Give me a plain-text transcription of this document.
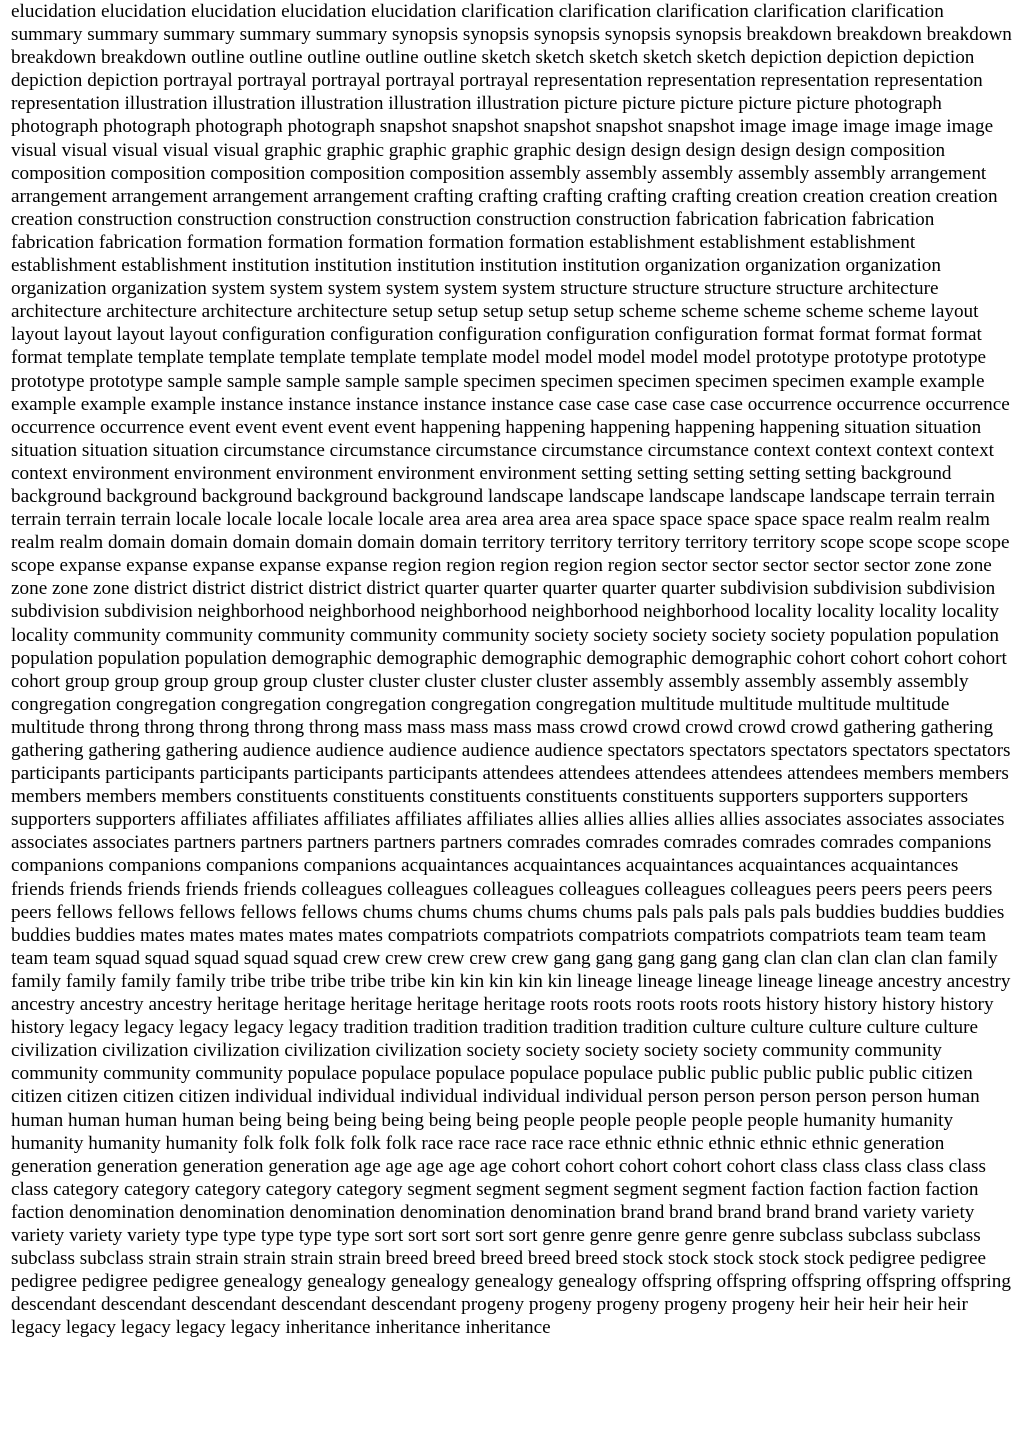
elucidation elucidation elucidation elucidation elucidation clarification clarification clarification clarification clarification summary summary summary summary summary synopsis synopsis synopsis synopsis synopsis breakdown breakdown breakdown breakdown breakdown outline outline outline outline outline sketch sketch sketch sketch sketch depiction depiction depiction depiction depiction portrayal portrayal portrayal portrayal portrayal representation representation representation representation representation illustration illustration illustration illustration illustration picture picture picture picture picture photograph photograph photograph photograph photograph snapshot snapshot snapshot snapshot snapshot image image image image image visual visual visual visual visual graphic graphic graphic graphic graphic design design design design design composition composition composition composition composition composition assembly assembly assembly assembly assembly arrangement arrangement arrangement arrangement arrangement crafting crafting crafting crafting crafting creation creation creation creation creation construction construction construction construction construction construction fabrication fabrication fabrication fabrication fabrication formation formation formation formation formation establishment establishment establishment establishment establishment institution institution institution institution institution organization organization organization organization organization system system system system system system structure structure structure structure architecture architecture architecture architecture architecture setup setup setup setup setup scheme scheme scheme scheme scheme layout layout layout layout layout configuration configuration configuration configuration configuration format format format format format template template template template template template model model model model model prototype prototype prototype prototype prototype sample sample sample sample sample specimen specimen specimen specimen specimen example example example example example instance instance instance instance instance case case case case case occurrence occurrence occurrence occurrence occurrence event event event event event happening happening happening happening happening situation situation situation situation situation circumstance circumstance circumstance circumstance circumstance context context context context context environment environment environment environment environment setting setting setting setting setting background background background background background background landscape landscape landscape landscape landscape terrain terrain terrain terrain terrain locale locale locale locale locale area area area area area space space space space space realm realm realm realm realm domain domain domain domain domain domain territory territory territory territory territory scope scope scope scope scope expanse expanse expanse expanse expanse region region region region region sector sector sector sector sector zone zone zone zone zone district district district district district quarter quarter quarter quarter quarter subdivision subdivision subdivision subdivision subdivision neighborhood neighborhood neighborhood neighborhood neighborhood locality locality locality locality locality community community community community community society society society society society population population population population population demographic demographic demographic demographic demographic cohort cohort cohort cohort cohort group group group group group cluster cluster cluster cluster cluster assembly assembly assembly assembly assembly congregation congregation congregation congregation congregation congregation multitude multitude multitude multitude multitude throng throng throng throng throng mass mass mass mass mass crowd crowd crowd crowd crowd gathering gathering gathering gathering gathering audience audience audience audience audience spectators spectators spectators spectators spectators participants participants participants participants participants attendees attendees attendees attendees attendees members members members members members constituents constituents constituents constituents constituents supporters supporters supporters supporters supporters affiliates affiliates affiliates affiliates affiliates allies allies allies allies allies associates associates associates associates associates partners partners partners partners partners comrades comrades comrades comrades comrades companions companions companions companions companions acquaintances acquaintances acquaintances acquaintances acquaintances friends friends friends friends friends colleagues colleagues colleagues colleagues colleagues colleagues peers peers peers peers peers fellows fellows fellows fellows fellows chums chums chums chums chums pals pals pals pals pals buddies buddies buddies buddies buddies mates mates mates mates mates compatriots compatriots compatriots compatriots compatriots team team team team team squad squad squad squad squad crew crew crew crew crew gang gang gang gang gang clan clan clan clan clan family family family family family tribe tribe tribe tribe tribe kin kin kin kin kin lineage lineage lineage lineage lineage ancestry ancestry ancestry ancestry ancestry heritage heritage heritage heritage heritage roots roots roots roots roots history history history history history legacy legacy legacy legacy legacy tradition tradition tradition tradition tradition culture culture culture culture culture civilization civilization civilization civilization civilization society society society society society community community community community community populace populace populace populace populace public public public public public citizen citizen citizen citizen citizen individual individual individual individual individual person person person person person human human human human human being being being being being being people people people people people humanity humanity humanity humanity humanity folk folk folk folk folk race race race race race ethnic ethnic ethnic ethnic ethnic generation generation generation generation generation age age age age age cohort cohort cohort cohort cohort class class class class class class category category category category category segment segment segment segment segment faction faction faction faction faction denomination denomination denomination denomination denomination brand brand brand brand brand variety variety variety variety variety type type type type type sort sort sort sort sort genre genre genre genre genre subclass subclass subclass subclass subclass strain strain strain strain strain breed breed breed breed breed stock stock stock stock stock pedigree pedigree pedigree pedigree pedigree genealogy genealogy genealogy genealogy genealogy offspring offspring offspring offspring offspring descendant descendant descendant descendant descendant progeny progeny progeny progeny progeny heir heir heir heir heir legacy legacy legacy legacy legacy inheritance inheritance inheritance
